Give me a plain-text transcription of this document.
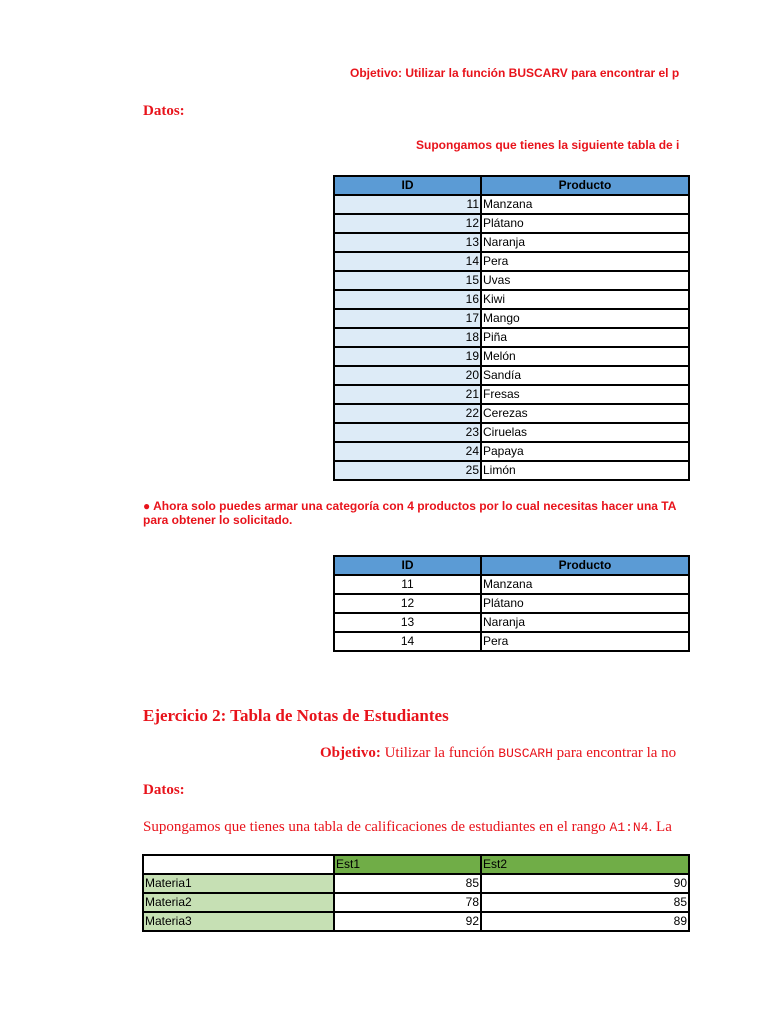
Objetivo: Utilizar la función BUSCARV para encontrar el p
Datos:
Supongamos que tienes la siguiente tabla de i
ID	Producto
11	Manzana
12	Plátano
13	Naranja
14	Pera
15	Uvas
16	Kiwi
17	Mango
18	Piña
19	Melón
20	Sandía
21	Fresas
22	Cerezas
23	Ciruelas
24	Papaya
25	Limón
● Ahora solo puedes armar una categoría con 4 productos por lo cual necesitas hacer una TA
para obtener lo solicitado.
ID	Producto
11	Manzana
12	Plátano
13	Naranja
14	Pera
Ejercicio 2: Tabla de Notas de Estudiantes
Objetivo: Utilizar la función BUSCARH para encontrar la no
Datos:
Supongamos que tienes una tabla de calificaciones de estudiantes en el rango A1:N4. La
	Est1	Est2
Materia1	85	90
Materia2	78	85
Materia3	92	89
